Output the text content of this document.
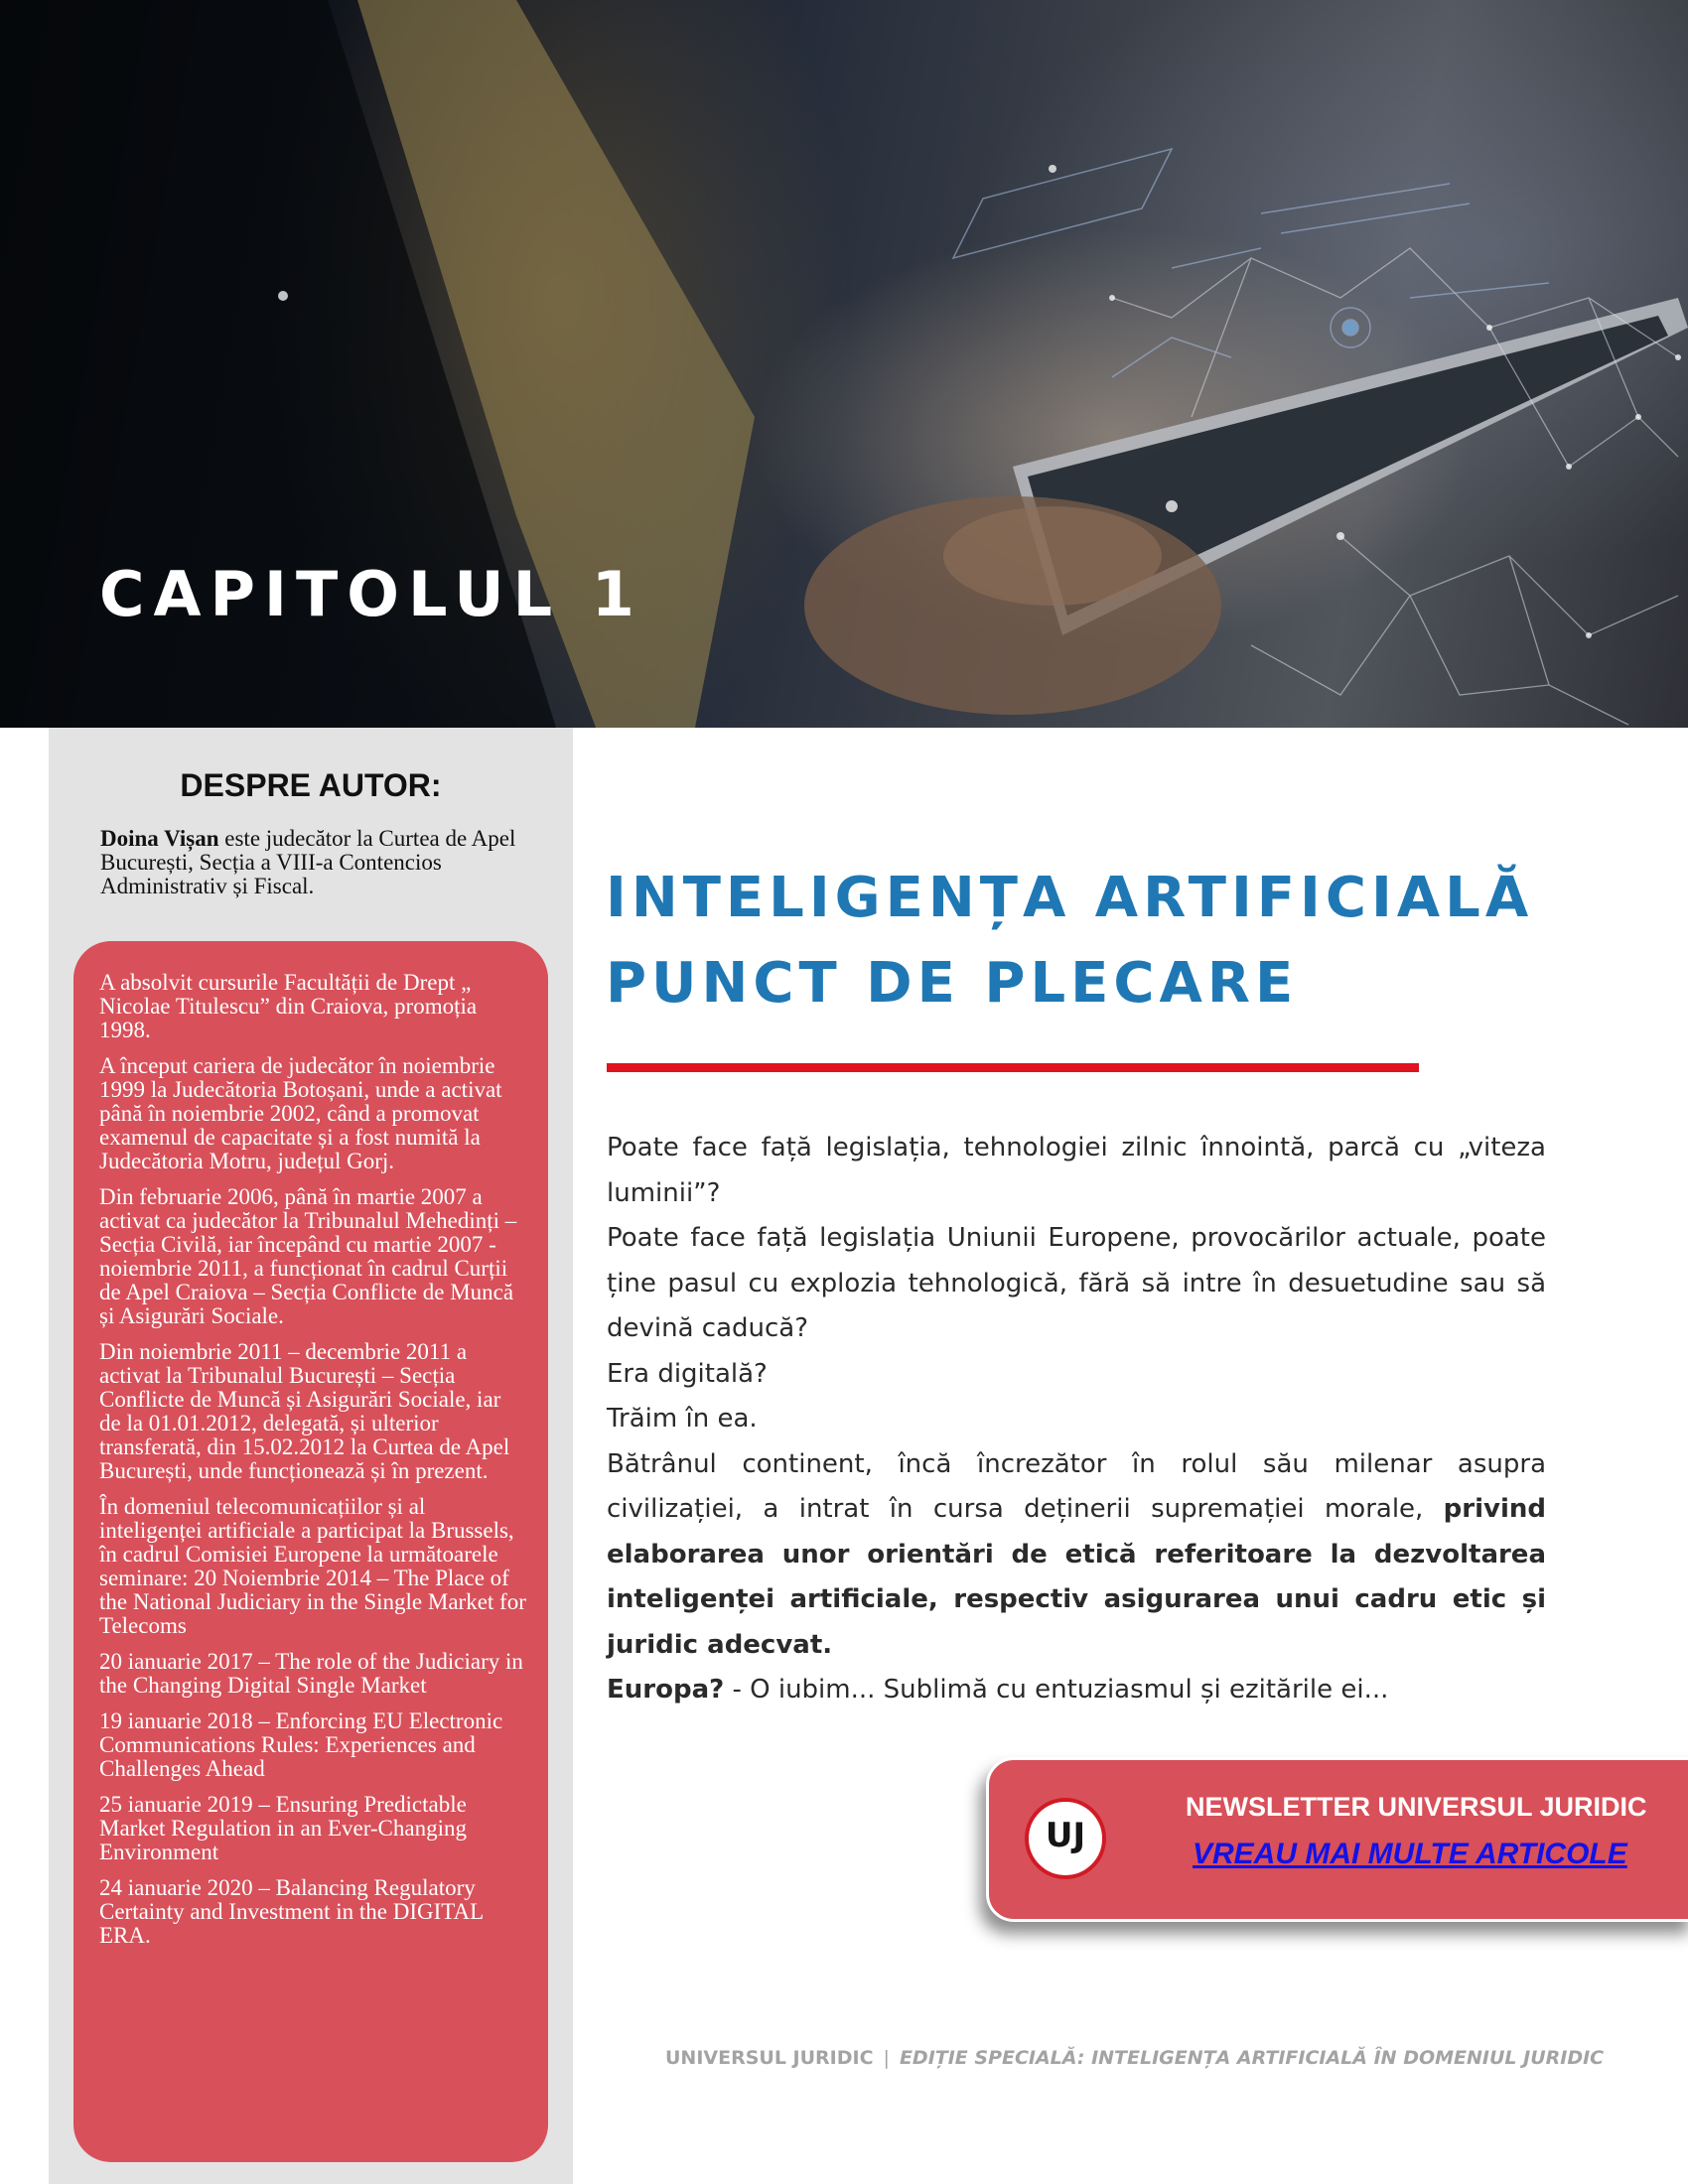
CAPITOLUL 1
DESPRE AUTOR:

Doina Vișan este judecător la Curtea de Apel București, Secția a VIII-a Contencios Administrativ și Fiscal.

A absolvit cursurile Facultății de Drept „ Nicolae Titulescu” din Craiova, promoția 1998.

A început cariera de judecător în noiembrie 1999 la Judecătoria Botoșani, unde a activat până în noiembrie 2002, când a promovat examenul de capacitate și a fost numită la Judecătoria Motru, județul Gorj.

Din februarie 2006, până în martie 2007 a activat ca judecător la Tribunalul Mehedinți – Secția Civilă, iar începând cu martie 2007 - noiembrie 2011, a funcționat în cadrul Curții de Apel Craiova – Secția Conflicte de Muncă și Asigurări Sociale.

Din noiembrie 2011 – decembrie 2011 a activat la Tribunalul București – Secția Conflicte de Muncă și Asigurări Sociale, iar de la 01.01.2012, delegată, și ulterior transferată, din 15.02.2012 la Curtea de Apel București, unde funcționează și în prezent.

În domeniul telecomunicațiilor și al inteligenței artificiale a participat la Brussels, în cadrul Comisiei Europene la următoarele seminare: 20 Noiembrie 2014 – The Place of the National Judiciary in the Single Market for Telecoms

20 ianuarie 2017 – The role of the Judiciary in the Changing Digital Single Market

19 ianuarie 2018 – Enforcing EU Electronic Communications Rules: Experiences and Challenges Ahead

25 ianuarie 2019 – Ensuring Predictable Market Regulation in an Ever-Changing Environment

24 ianuarie 2020 – Balancing Regulatory Certainty and Investment in the DIGITAL ERA.

INTELIGENȚA ARTIFICIALĂ
PUNCT DE PLECARE

Poate face față legislația, tehnologiei zilnic înnointă, parcă cu „viteza luminii”?

Poate face față legislația Uniunii Europene, provocărilor actuale, poate ține pasul cu explozia tehnologică, fără să intre în desuetudine sau să devină caducă?

Era digitală?

Trăim în ea.

Bătrânul continent, încă încrezător în rolul său milenar asupra civilizației, a intrat în cursa deținerii supremației morale, privind elaborarea unor orientări de etică referitoare la dezvoltarea inteligenței artificiale, respectiv asigurarea unui cadru etic și juridic adecvat.

Europa? - O iubim... Sublimă cu entuziasmul și ezitările ei...

UJ

NEWSLETTER UNIVERSUL JURIDIC

VREAU MAI MULTE ARTICOLE

UNIVERSUL JURIDIC | EDIȚIE SPECIALĂ: INTELIGENȚA ARTIFICIALĂ ÎN DOMENIUL JURIDIC
